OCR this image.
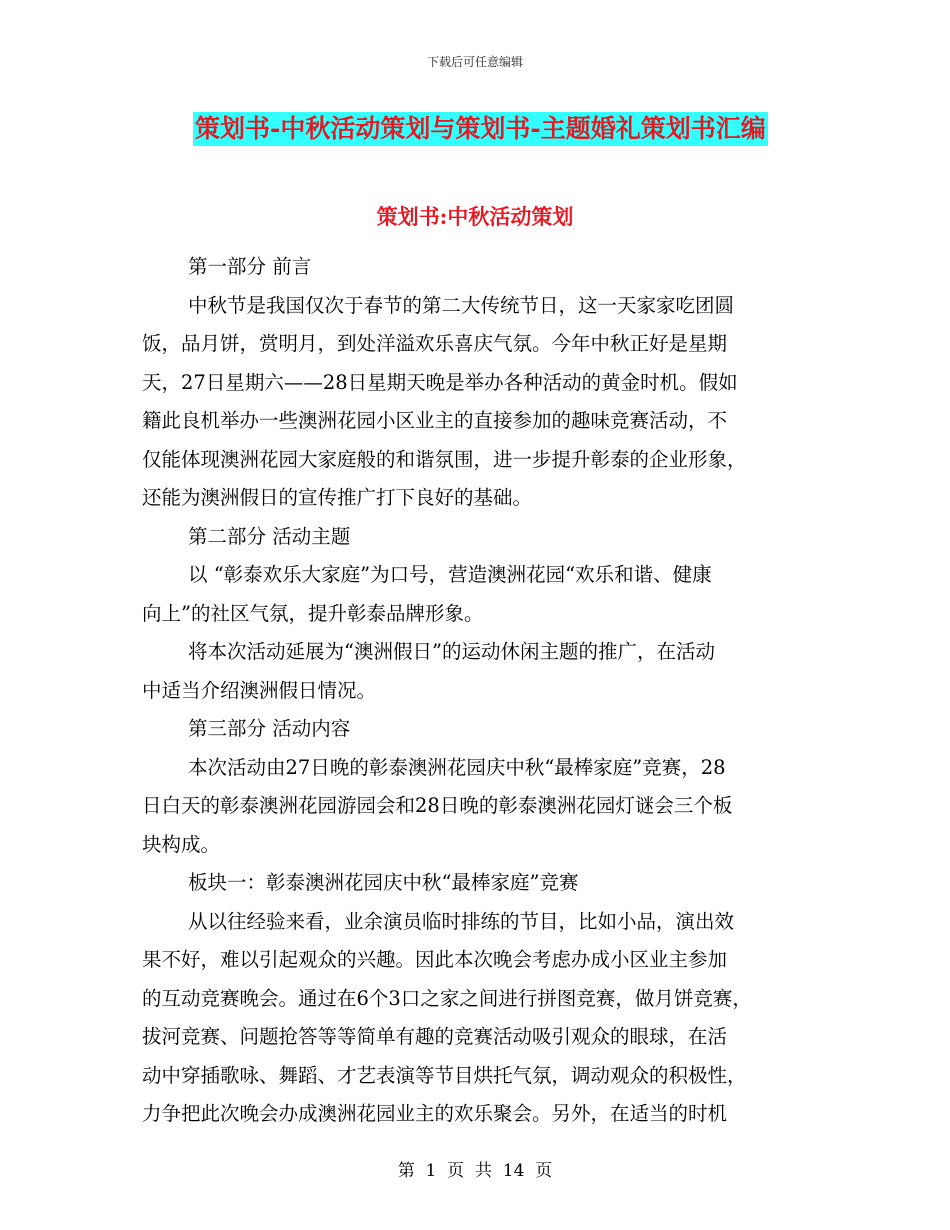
下载后可任意编辑
策划书-中秋活动策划与策划书-主题婚礼策划书汇编
策划书:中秋活动策划
第一部分 前言
中秋节是我国仅次于春节的第二大传统节日，这一天家家吃团圆
饭，品月饼，赏明月，到处洋溢欢乐喜庆气氛。今年中秋正好是星期
天，27日星期六——28日星期天晚是举办各种活动的黄金时机。假如
籍此良机举办一些澳洲花园小区业主的直接参加的趣味竞赛活动，不
仅能体现澳洲花园大家庭般的和谐氛围，进一步提升彰泰的企业形象，
还能为澳洲假日的宣传推广打下良好的基础。
第二部分 活动主题
以 “彰泰欢乐大家庭”为口号，营造澳洲花园“欢乐和谐、健康
向上”的社区气氛，提升彰泰品牌形象。
将本次活动延展为“澳洲假日”的运动休闲主题的推广，在活动
中适当介绍澳洲假日情况。
第三部分 活动内容
本次活动由27日晚的彰泰澳洲花园庆中秋“最棒家庭”竞赛，28
日白天的彰泰澳洲花园游园会和28日晚的彰泰澳洲花园灯谜会三个板
块构成。
板块一：彰泰澳洲花园庆中秋“最棒家庭”竞赛
从以往经验来看，业余演员临时排练的节目，比如小品，演出效
果不好，难以引起观众的兴趣。因此本次晚会考虑办成小区业主参加
的互动竞赛晚会。通过在6个3口之家之间进行拼图竞赛，做月饼竞赛，
拔河竞赛、问题抢答等等简单有趣的竞赛活动吸引观众的眼球，在活
动中穿插歌咏、舞蹈、才艺表演等节目烘托气氛，调动观众的积极性，
力争把此次晚会办成澳洲花园业主的欢乐聚会。另外，在适当的时机
第  1  页  共  14  页
